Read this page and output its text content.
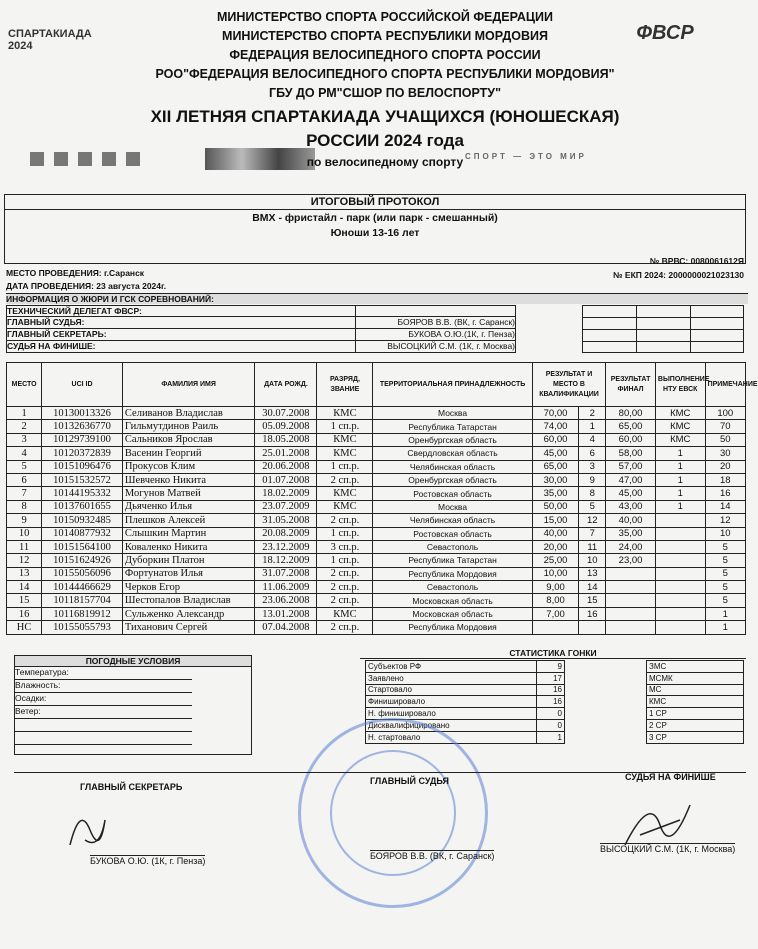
СПАРТАКИАДА 2024
ФВСР
СПОРТ — ЭТО МИР
МИНИСТЕРСТВО СПОРТА РОССИЙСКОЙ ФЕДЕРАЦИИ
МИНИСТЕРСТВО СПОРТА РЕСПУБЛИКИ МОРДОВИЯ
ФЕДЕРАЦИЯ ВЕЛОСИПЕДНОГО СПОРТА РОССИИ
РОО"ФЕДЕРАЦИЯ ВЕЛОСИПЕДНОГО СПОРТА РЕСПУБЛИКИ МОРДОВИЯ"
ГБУ ДО РМ"СШОР ПО ВЕЛОСПОРТУ"
XII ЛЕТНЯЯ СПАРТАКИАДА УЧАЩИХСЯ (ЮНОШЕСКАЯ) РОССИИ 2024 года
по велосипедному спорту
ИТОГОВЫЙ ПРОТОКОЛ
ВМХ - фристайл - парк (или парк - смешанный)
Юноши 13-16 лет
МЕСТО ПРОВЕДЕНИЯ: г.Саранск
ДАТА ПРОВЕДЕНИЯ: 23 августа 2024г.
№ ВРВС: 0080061612Я
№ ЕКП 2024: 2000000021023130
ИНФОРМАЦИЯ О ЖЮРИ И ГСК СОРЕВНОВАНИЙ:
ТЕХНИЧЕСКИЙ ДЕЛЕГАТ ФВСР:
ГЛАВНЫЙ СУДЬЯ:	БОЯРОВ В.В. (ВК, г. Саранск)
ГЛАВНЫЙ СЕКРЕТАРЬ:	БУКОВА О.Ю.(1К, г. Пенза)
СУДЬЯ НА ФИНИШЕ:	ВЫСОЦКИЙ С.М. (1К, г. Москва)
МЕСТО	UCI ID	ФАМИЛИЯ ИМЯ	ДАТА РОЖД.	РАЗРЯД, ЗВАНИЕ	ТЕРРИТОРИАЛЬНАЯ ПРИНАДЛЕЖНОСТЬ	РЕЗУЛЬТАТ И МЕСТО В КВАЛИФИКАЦИИ		РЕЗУЛЬТАТ ФИНАЛ	ВЫПОЛНЕНИЕ НТУ ЕВСК	ПРИМЕЧАНИЕ
1	10130013326	Селиванов Владислав	30.07.2008	КМС	Москва	70,00	2	80,00	КМС	100
2	10132636770	Гильмутдинов Раиль	05.09.2008	1 сп.р.	Республика Татарстан	74,00	1	65,00	КМС	70
3	10129739100	Сальников Ярослав	18.05.2008	КМС	Оренбургская область	60,00	4	60,00	КМС	50
4	10120372839	Васенин Георгий	25.01.2008	КМС	Свердловская область	45,00	6	58,00	1	30
5	10151096476	Прокусов Клим	20.06.2008	1 сп.р.	Челябинская область	65,00	3	57,00	1	20
6	10151532572	Шевченко Никита	01.07.2008	2 сп.р.	Оренбургская область	30,00	9	47,00	1	18
7	10144195332	Могунов Матвей	18.02.2009	КМС	Ростовская область	35,00	8	45,00	1	16
8	10137601655	Дьяченко Илья	23.07.2009	КМС	Москва	50,00	5	43,00	1	14
9	10150932485	Плешков Алексей	31.05.2008	2 сп.р.	Челябинская область	15,00	12	40,00		12
10	10140877932	Слышкин Мартин	20.08.2009	1 сп.р.	Ростовская область	40,00	7	35,00		10
11	10151564100	Коваленко Никита	23.12.2009	3 сп.р.	Севастополь	20,00	11	24,00		5
12	10151624926	Дуборкин Платон	18.12.2009	1 сп.р.	Республика Татарстан	25,00	10	23,00		5
13	10155056096	Фортунатов Илья	31.07.2008	2 сп.р.	Республика Мордовия	10,00	13			5
14	10144466629	Черков Егор	11.06.2009	2 сп.р.	Севастополь	9,00	14			5
15	10118157704	Шестопалов Владислав	23.06.2008	2 сп.р.	Московская область	8,00	15			5
16	10116819912	Сульженко Александр	13.01.2008	КМС	Московская область	7,00	16			1
НС	10155055793	Тиханович Сергей	07.04.2008	2 сп.р.	Республика Мордовия					1
ПОГОДНЫЕ УСЛОВИЯ
Температура:
Влажность:
Осадки:
Ветер:
СТАТИСТИКА ГОНКИ
Субъектов РФ	9
Заявлено	17
Стартовало	16
Финишировало	16
Н. финишировало	0
Дисквалифицировано	0
Н. стартовало	1
ЗМС
МСМК
МС
КМС
1 СР
2 СР
3 СР
ГЛАВНЫЙ СЕКРЕТАРЬ
ГЛАВНЫЙ СУДЬЯ	СУДЬЯ НА ФИНИШЕ
БУКОВА О.Ю. (1К, г. Пенза)	БОЯРОВ В.В. (ВК, г. Саранск)
ВЫСОЦКИЙ С.М. (1К, г. Москва)
